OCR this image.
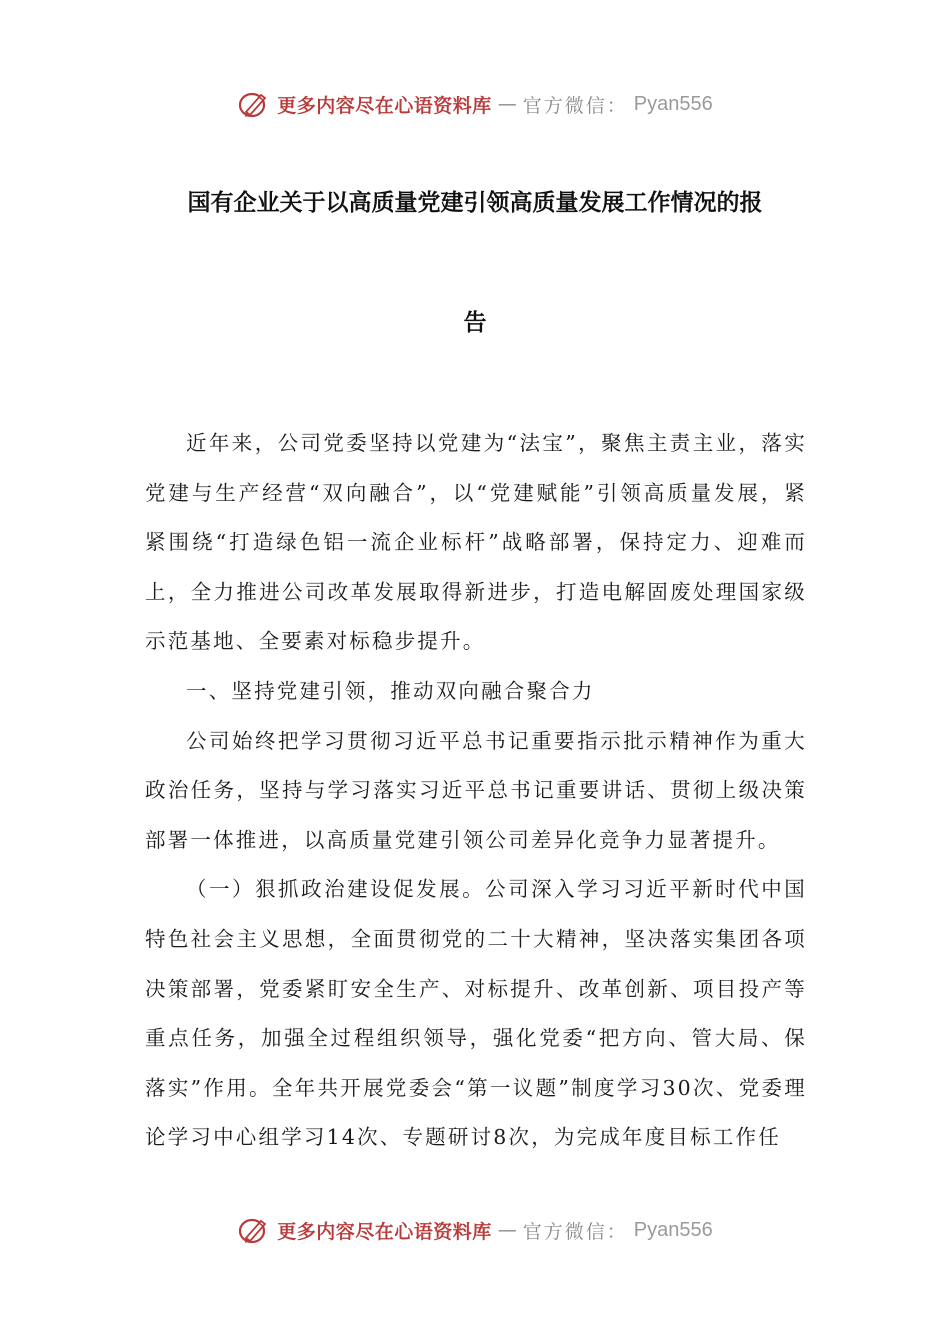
更多内容尽在心语资料库 — 官方微信： Pyan556
国有企业关于以高质量党建引领高质量发展工作情况的报
告

近年来，公司党委坚持以党建为“法宝”，聚焦主责主业，落实党建与生产经营“双向融合”，以“党建赋能”引领高质量发展，紧紧围绕“打造绿色铝一流企业标杆”战略部署，保持定力、迎难而上，全力推进公司改革发展取得新进步，打造电解固废处理国家级示范基地、全要素对标稳步提升。

一、坚持党建引领，推动双向融合聚合力

公司始终把学习贯彻习近平总书记重要指示批示精神作为重大政治任务，坚持与学习落实习近平总书记重要讲话、贯彻上级决策部署一体推进，以高质量党建引领公司差异化竞争力显著提升。

（一）狠抓政治建设促发展。公司深入学习习近平新时代中国特色社会主义思想，全面贯彻党的二十大精神，坚决落实集团各项决策部署，党委紧盯安全生产、对标提升、改革创新、项目投产等重点任务，加强全过程组织领导，强化党委“把方向、管大局、保落实”作用。全年共开展党委会“第一议题”制度学习30次、党委理论学习中心组学习14次、专题研讨8次，为完成年度目标工作任

更多内容尽在心语资料库 — 官方微信： Pyan556
